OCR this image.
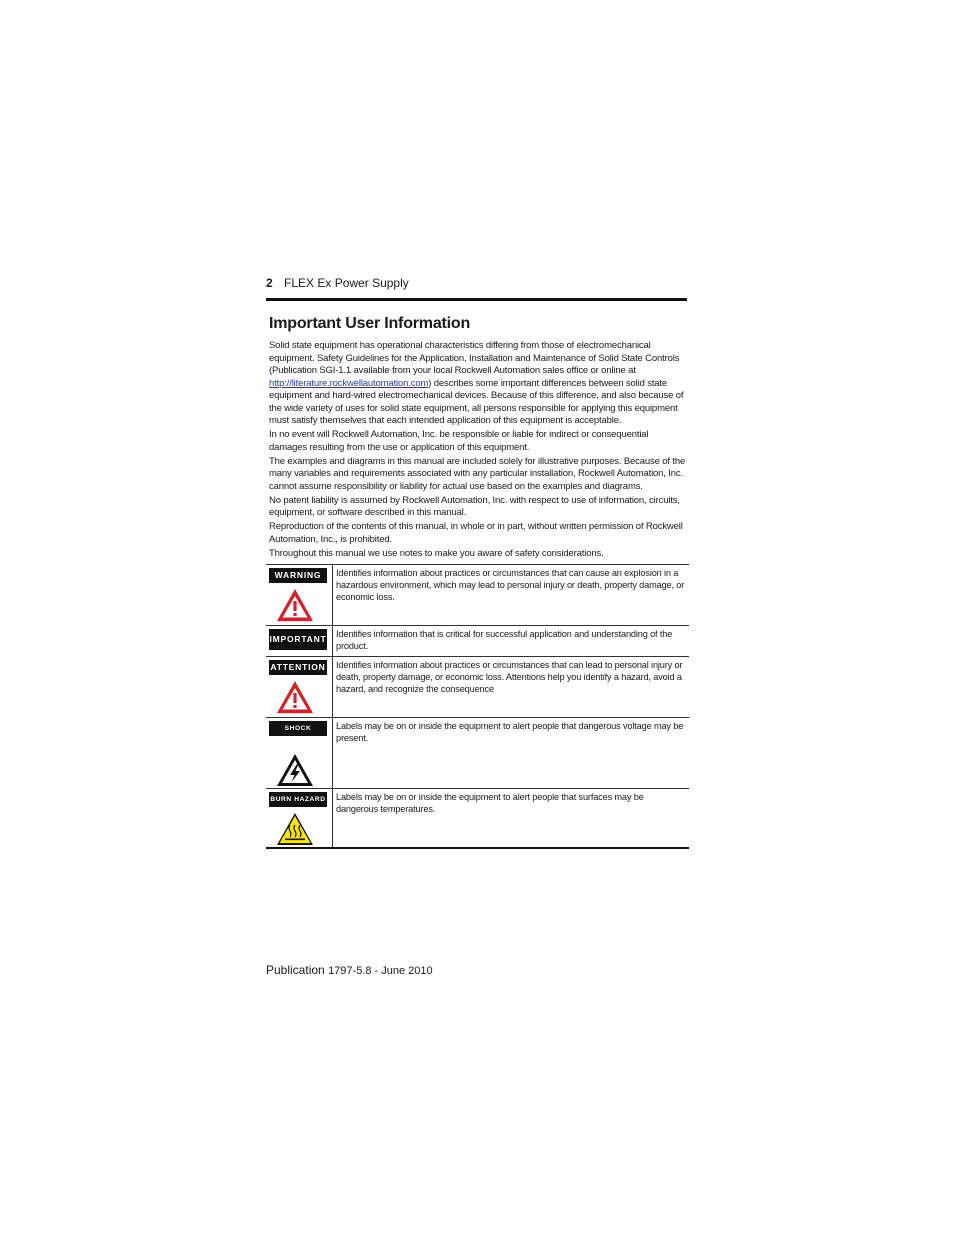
2 FLEX Ex Power Supply
Important User Information

Solid state equipment has operational characteristics differing from those of electromechanical equipment. Safety Guidelines for the Application, Installation and Maintenance of Solid State Controls (Publication SGI-1.1 available from your local Rockwell Automation sales office or online at http://literature.rockwellautomation.com) describes some important differences between solid state equipment and hard-wired electromechanical devices. Because of this difference, and also because of the wide variety of uses for solid state equipment, all persons responsible for applying this equipment must satisfy themselves that each intended application of this equipment is acceptable.

In no event will Rockwell Automation, Inc. be responsible or liable for indirect or consequential damages resulting from the use or application of this equipment.

The examples and diagrams in this manual are included solely for illustrative purposes. Because of the many variables and requirements associated with any particular installation, Rockwell Automation, Inc. cannot assume responsibility or liability for actual use based on the examples and diagrams.

No patent liability is assumed by Rockwell Automation, Inc. with respect to use of information, circuits, equipment, or software described in this manual.

Reproduction of the contents of this manual, in whole or in part, without written permission of Rockwell Automation, Inc., is prohibited.

Throughout this manual we use notes to make you aware of safety considerations.

WARNING	Identifies information about practices or circumstances that can cause an explosion in a hazardous environment, which may lead to personal injury or death, property damage, or economic loss.
IMPORTANT	Identifies information that is critical for successful application and understanding of the product.
ATTENTION	Identifies information about practices or circumstances that can lead to personal injury or death, property damage, or economic loss. Attentions help you identify a hazard, avoid a hazard, and recognize the consequence
SHOCK HAZARD	Labels may be on or inside the equipment to alert people that dangerous voltage may be present.
BURN HAZARD	Labels may be on or inside the equipment to alert people that surfaces may be dangerous temperatures.
Publication 1797-5.8 - June 2010
